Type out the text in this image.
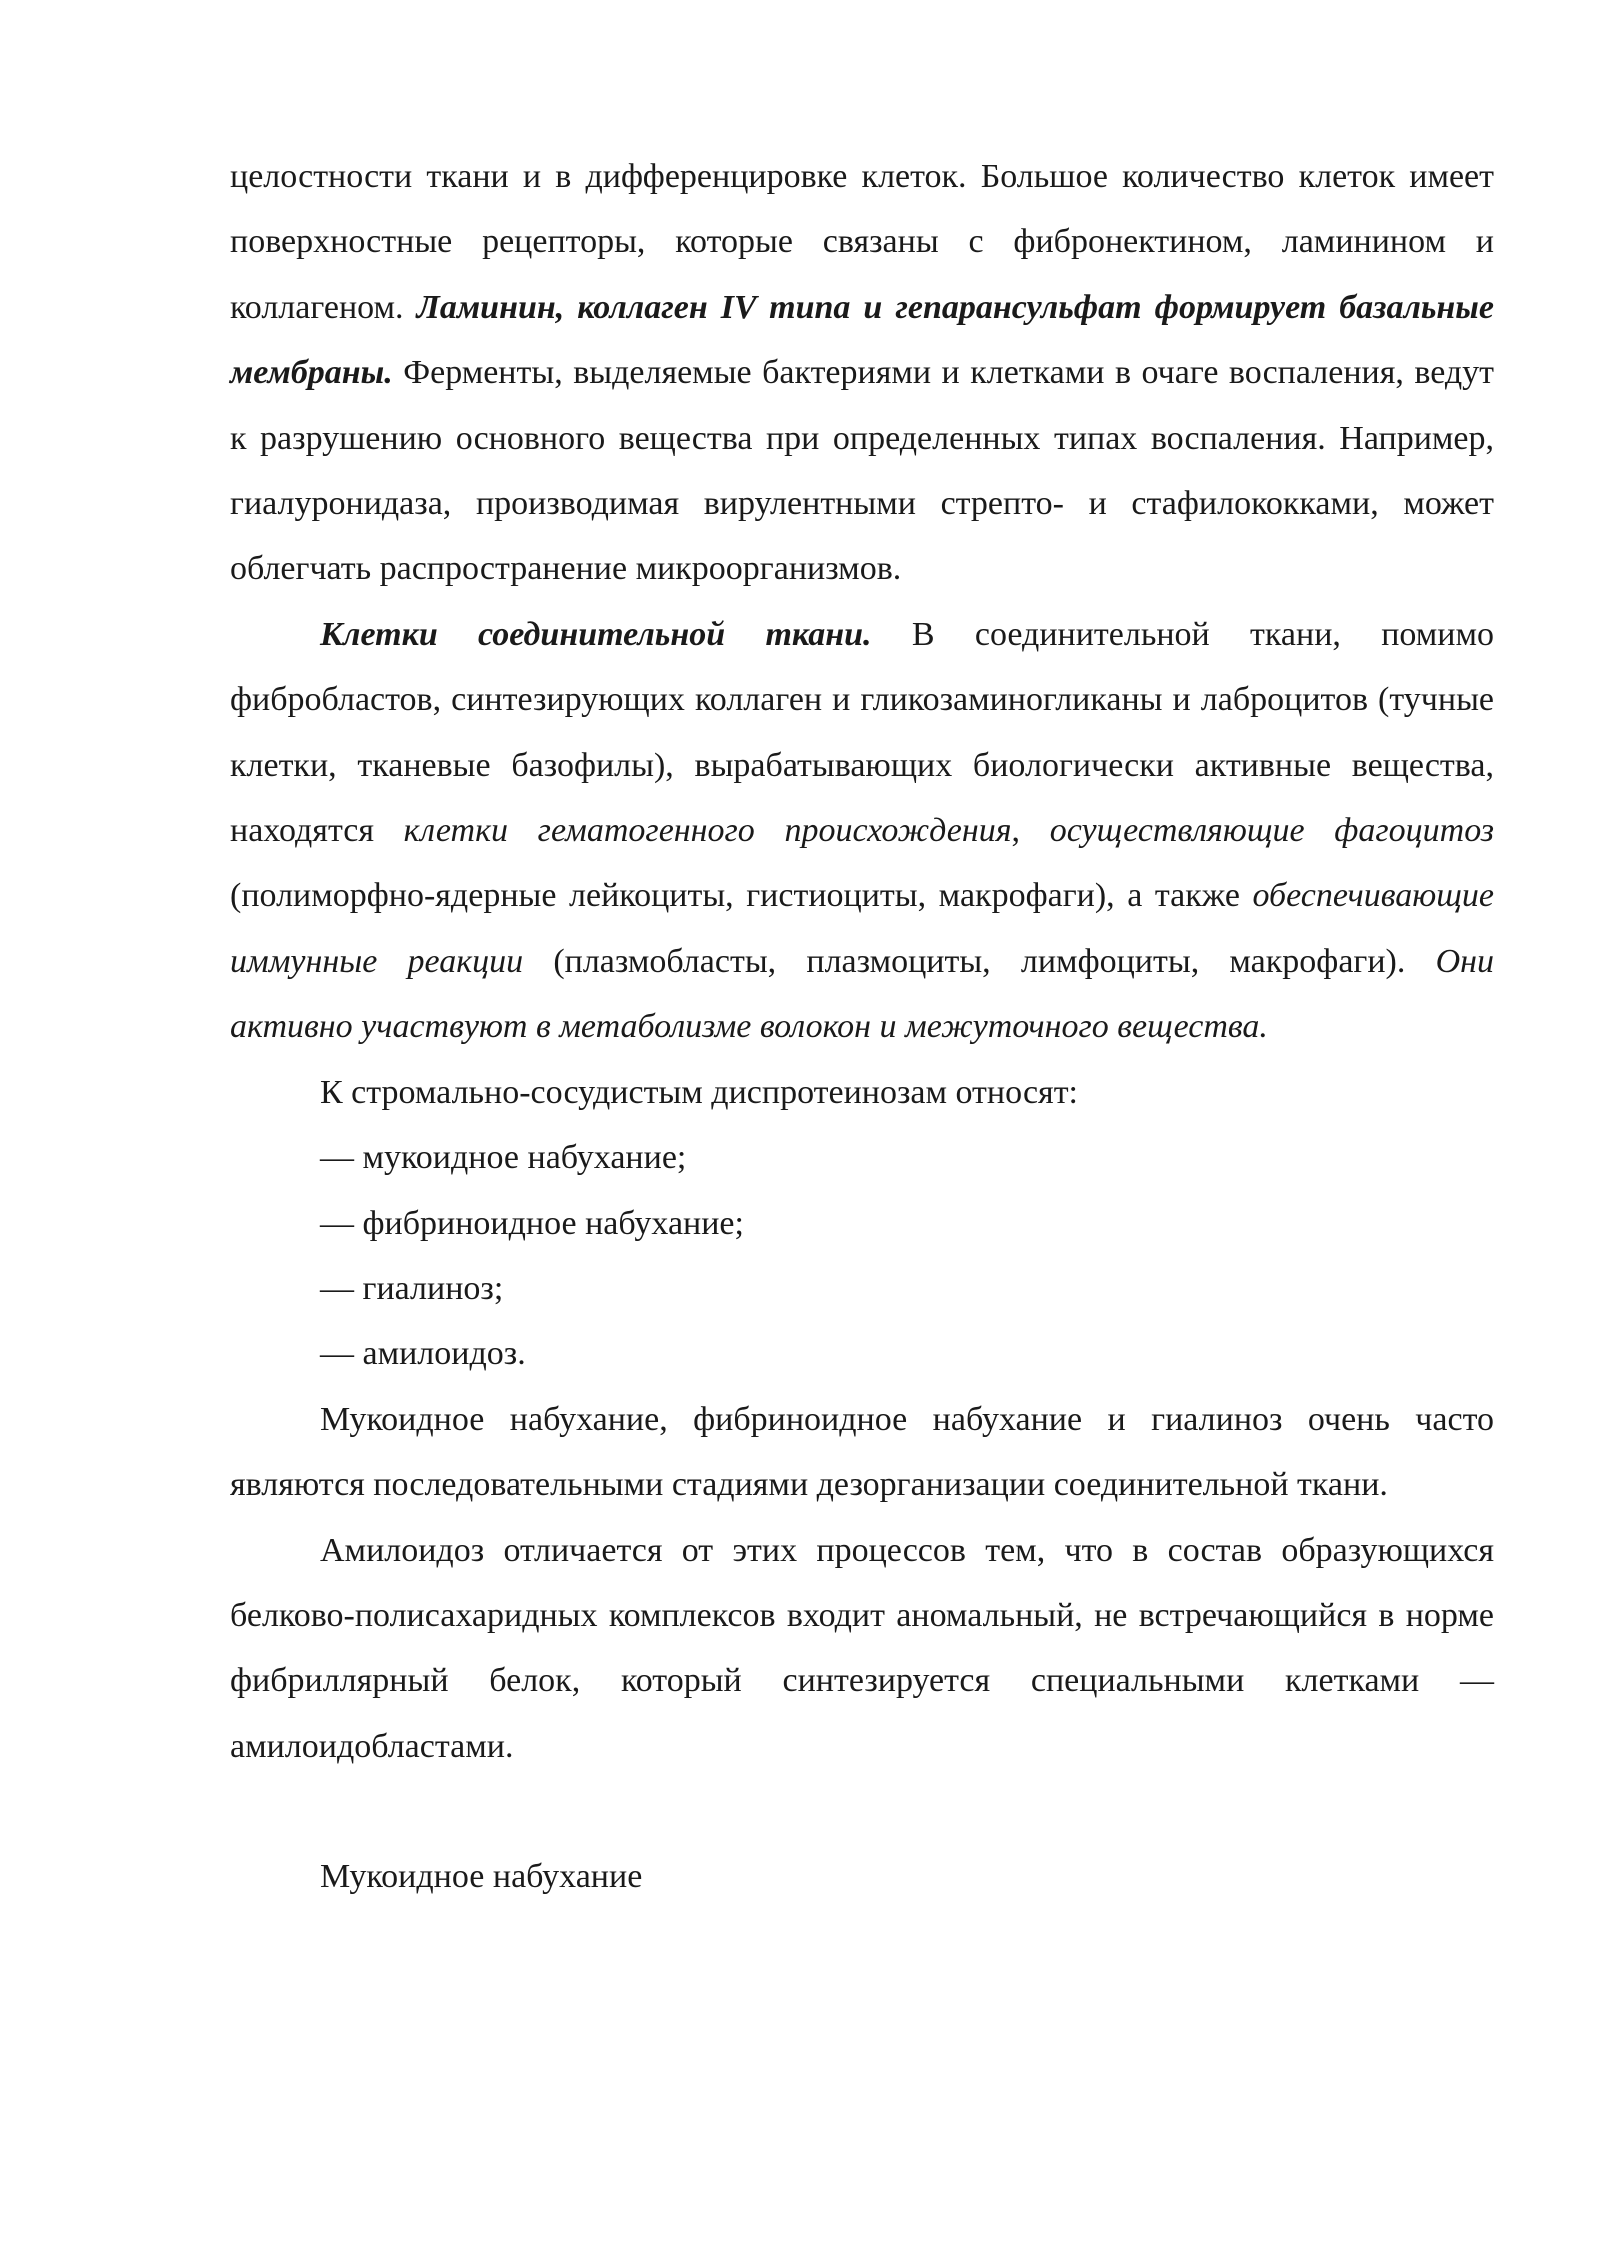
целостности ткани и в дифференцировке клеток. Большое количество клеток имеет поверхностные рецепторы, которые связаны с фибронектином, ламинином и коллагеном. Ламинин, коллаген IV типа и гепарансульфат формирует базальные мембраны. Ферменты, выделяемые бактериями и клетками в очаге воспаления, ведут к разрушению основного вещества при определенных типах воспаления. Например, гиалуронидаза, производимая вирулентными стрепто- и стафилококками, может облегчать распространение микроорганизмов.

Клетки соединительной ткани. В соединительной ткани, помимо фибробластов, синтезирующих коллаген и гликозаминогликаны и лаброцитов (тучные клетки, тканевые базофилы), вырабатывающих биологически активные вещества, находятся клетки гематогенного происхождения, осуществляющие фагоцитоз (полиморфно-ядерные лейкоциты, гистиоциты, макрофаги), а также обеспечивающие иммунные реакции (плазмобласты, плазмоциты, лимфоциты, макрофаги). Они активно участвуют в метаболизме волокон и межуточного вещества.

К стромально-сосудистым диспротеинозам относят:

— мукоидное набухание;

— фибриноидное набухание;

— гиалиноз;

— амилоидоз.

Мукоидное набухание, фибриноидное набухание и гиалиноз очень часто являются последовательными стадиями дезорганизации соединительной ткани.

Амилоидоз отличается от этих процессов тем, что в состав образующихся белково-полисахаридных комплексов входит аномальный, не встречающийся в норме фибриллярный белок, который синтезируется специальными клетками — амилоидобластами.

Мукоидное набухание
